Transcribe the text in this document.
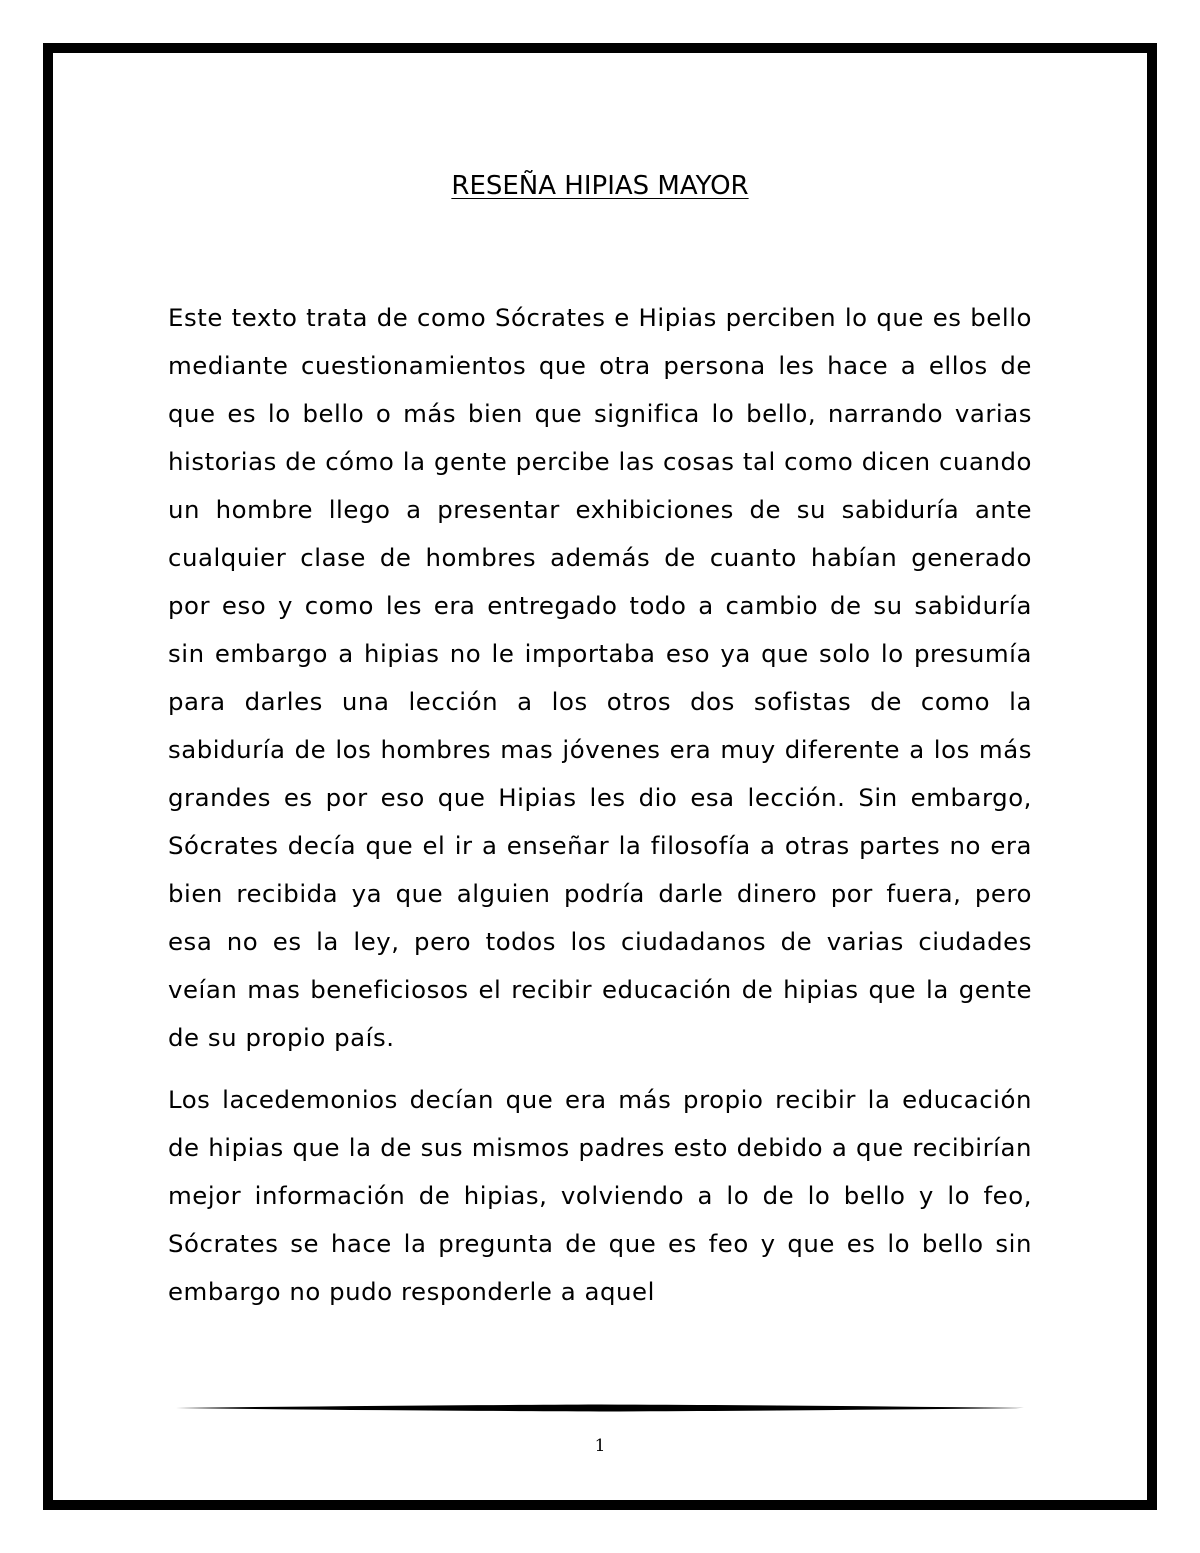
RESEÑA HIPIAS MAYOR

Este texto trata de como Sócrates e Hipias perciben lo que es bello mediante cuestionamientos que otra persona les hace a ellos de que es lo bello o más bien que significa lo bello, narrando varias historias de cómo la gente percibe las cosas tal como dicen cuando un hombre llego a presentar exhibiciones de su sabiduría ante cualquier clase de hombres además de cuanto habían generado por eso y como les era entregado todo a cambio de su sabiduría sin embargo a hipias no le importaba eso ya que solo lo presumía para darles una lección a los otros dos sofistas de como la sabiduría de los hombres mas jóvenes era muy diferente a los más grandes es por eso que Hipias les dio esa lección. Sin embargo, Sócrates decía que el ir a enseñar la filosofía a otras partes no era bien recibida ya que alguien podría darle dinero por fuera, pero esa no es la ley, pero todos los ciudadanos de varias ciudades veían mas beneficiosos el recibir educación de hipias que la gente de su propio país.

Los lacedemonios decían que era más propio recibir la educación de hipias que la de sus mismos padres esto debido a que recibirían mejor información de hipias, volviendo a lo de lo bello y lo feo, Sócrates se hace la pregunta de que es feo y que es lo bello sin embargo no pudo responderle a aquel

1
